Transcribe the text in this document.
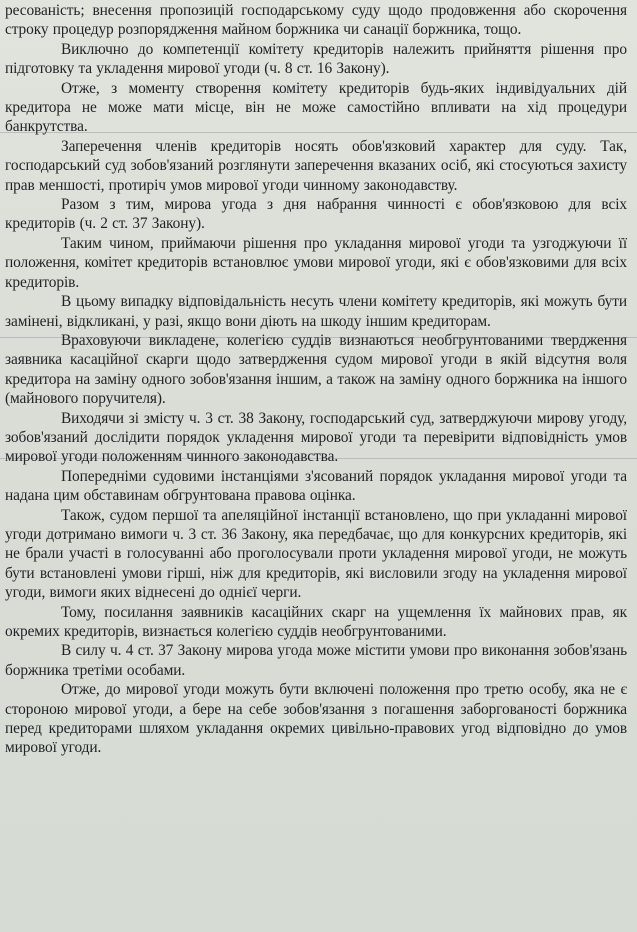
ресованість; внесення пропозицій господарському суду щодо продовження або скорочення строку процедур розпорядження майном боржника чи санації боржника, тощо.

Виключно до компетенції комітету кредиторів належить прийняття рішення про підготовку та укладення мирової угоди (ч. 8 ст. 16 Закону).

Отже, з моменту створення комітету кредиторів будь-яких індивідуальних дій кредитора не може мати місце, він не може самостійно впливати на хід процедури банкрутства.

Заперечення членів кредиторів носять обов'язковий характер для суду. Так, господарський суд зобов'язаний розглянути заперечення вказаних осіб, які стосуються захисту прав меншості, протиріч умов мирової угоди чинному законодавству.

Разом з тим, мирова угода з дня набрання чинності є обов'язковою для всіх кредиторів (ч. 2 ст. 37 Закону).

Таким чином, приймаючи рішення про укладання мирової угоди та узгоджуючи її положення, комітет кредиторів встановлює умови мирової угоди, які є обов'язковими для всіх кредиторів.

В цьому випадку відповідальність несуть члени комітету кредиторів, які можуть бути замінені, відкликані, у разі, якщо вони діють на шкоду іншим кредиторам.

Враховуючи викладене, колегією суддів визнаються необгрунтованими твердження заявника касаційної скарги щодо затвердження судом мирової угоди в якій відсутня воля кредитора на заміну одного зобов'язання іншим, а також на заміну одного боржника на іншого (майнового поручителя).

Виходячи зі змісту ч. 3 ст. 38 Закону, господарський суд, затверджуючи мирову угоду, зобов'язаний дослідити порядок укладення мирової угоди та перевірити відповідність умов мирової угоди положенням чинного законодавства.

Попередніми судовими інстанціями з'ясований порядок укладання мирової угоди та надана цим обставинам обгрунтована правова оцінка.

Також, судом першої та апеляційної інстанції встановлено, що при укладанні мирової угоди дотримано вимоги ч. 3 ст. 36 Закону, яка передбачає, що для конкурсних кредиторів, які не брали участі в голосуванні або проголосували проти укладення мирової угоди, не можуть бути встановлені умови гірші, ніж для кредиторів, які висловили згоду на укладення мирової угоди, вимоги яких віднесені до однієї черги.

Тому, посилання заявників касаційних скарг на ущемлення їх майнових прав, як окремих кредиторів, визнається колегією суддів необгрунтованими.

В силу ч. 4 ст. 37 Закону мирова угода може містити умови про виконання зобов'язань боржника третіми особами.

Отже, до мирової угоди можуть бути включені положення про третю особу, яка не є стороною мирової угоди, а бере на себе зобов'язання з погашення заборгованості боржника перед кредиторами шляхом укладання окремих цивільно-правових угод відповідно до умов мирової угоди.
